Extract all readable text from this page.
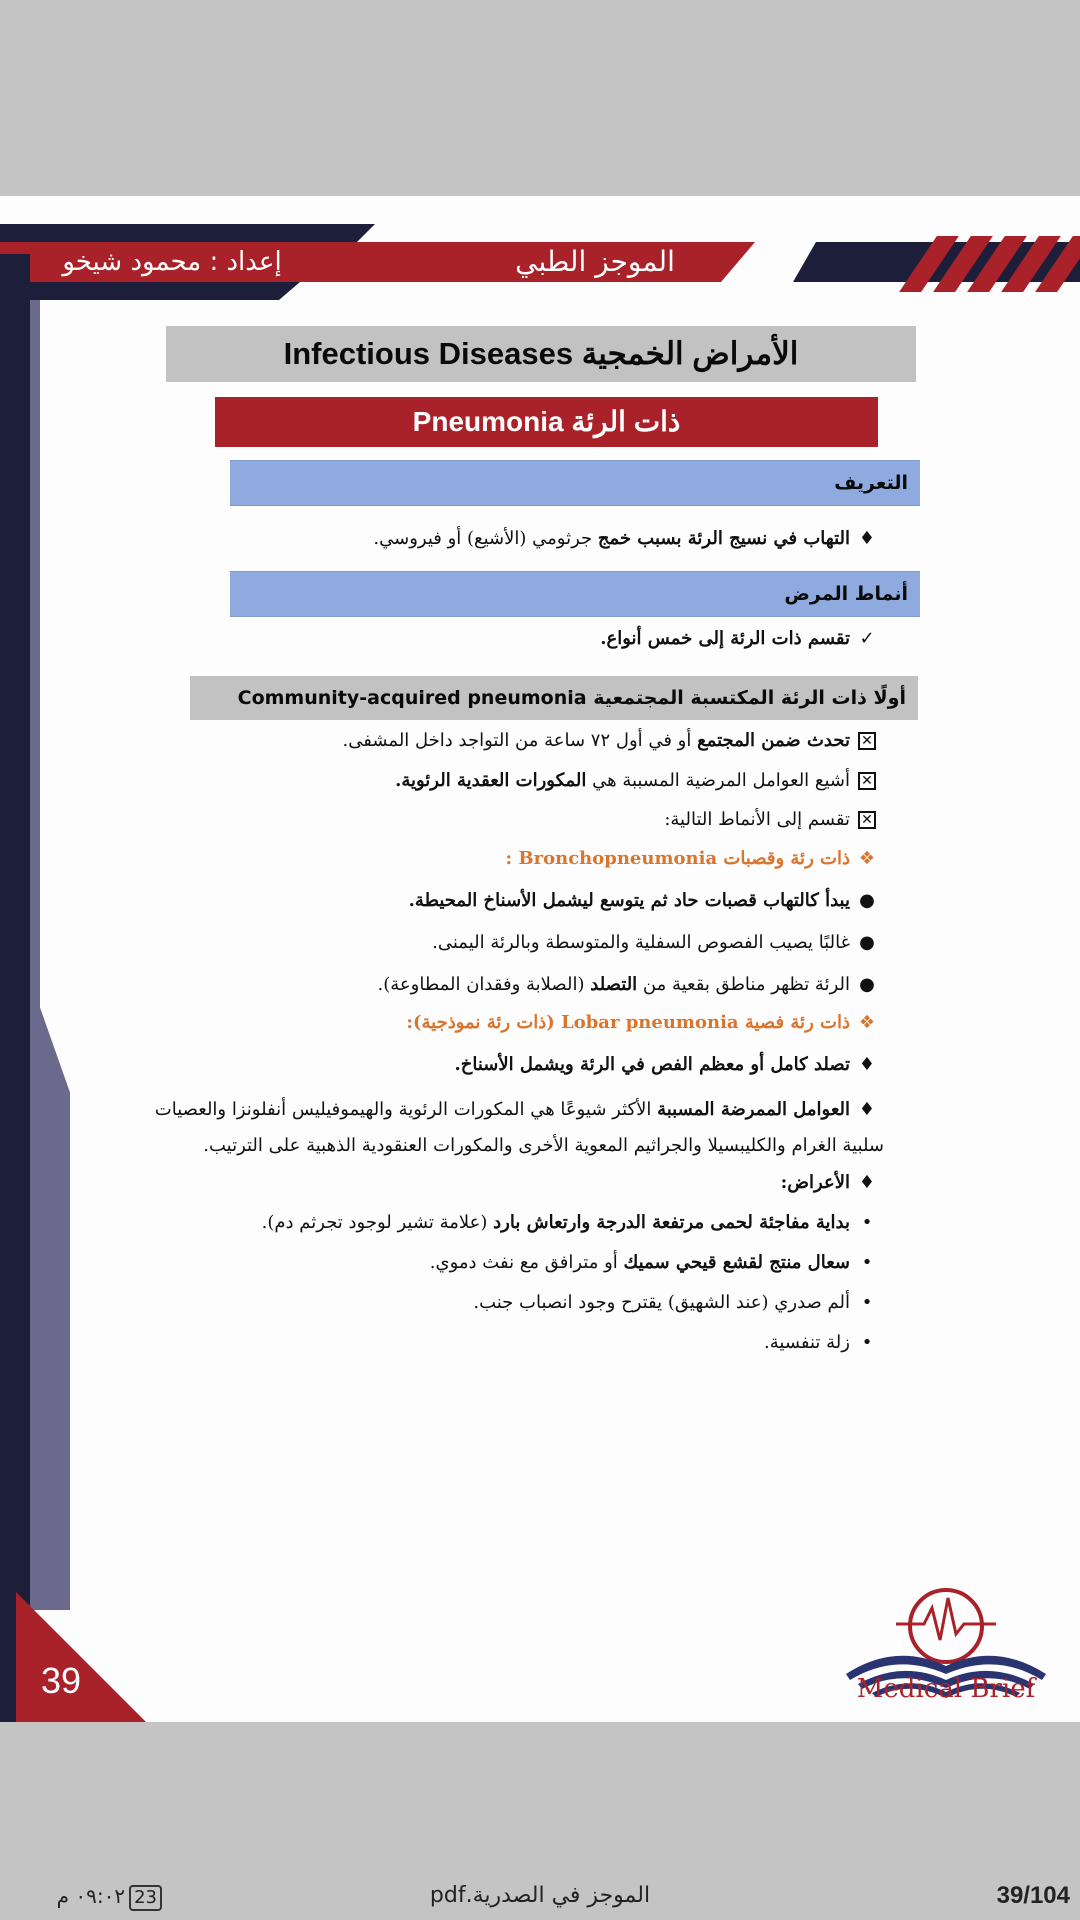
الموجز الطبي
إعداد : محمود شيخو
39
الأمراض الخمجية Infectious Diseases
ذات الرئة Pneumonia
التعريف
♦التهاب في نسيج الرئة بسبب خمج جرثومي (الأشيع) أو فيروسي.
أنماط المرض
✓تقسم ذات الرئة إلى خمس أنواع.
أولًا ذات الرئة المكتسبة المجتمعية Community-acquired pneumonia
✕تحدث ضمن المجتمع أو في أول ٧٢ ساعة من التواجد داخل المشفى.
✕أشيع العوامل المرضية المسببة هي المكورات العقدية الرئوية.
✕تقسم إلى الأنماط التالية:
❖ذات رئة وقصبات Bronchopneumonia :
●يبدأ كالتهاب قصبات حاد ثم يتوسع ليشمل الأسناخ المحيطة.
●غالبًا يصيب الفصوص السفلية والمتوسطة وبالرئة اليمنى.
●الرئة تظهر مناطق بقعية من التصلد (الصلابة وفقدان المطاوعة).
❖ذات رئة فصية Lobar pneumonia (ذات رئة نموذجية):
♦تصلد كامل أو معظم الفص في الرئة ويشمل الأسناخ.
♦العوامل الممرضة المسببة الأكثر شيوعًا هي المكورات الرئوية والهيموفيليس أنفلونزا والعصيات سلبية الغرام والكليبسيلا والجراثيم المعوية الأخرى والمكورات العنقودية الذهبية على الترتيب.
♦الأعراض:
•بداية مفاجئة لحمى مرتفعة الدرجة وارتعاش بارد (علامة تشير لوجود تجرثم دم).
•سعال منتج لقشع قيحي سميك أو مترافق مع نفث دموي.
•ألم صدري (عند الشهيق) يقترح وجود انصباب جنب.
•زلة تنفسية.
Medical Brief
23٠٩:٠٢ م	الموجز في الصدرية.pdf	39/104
